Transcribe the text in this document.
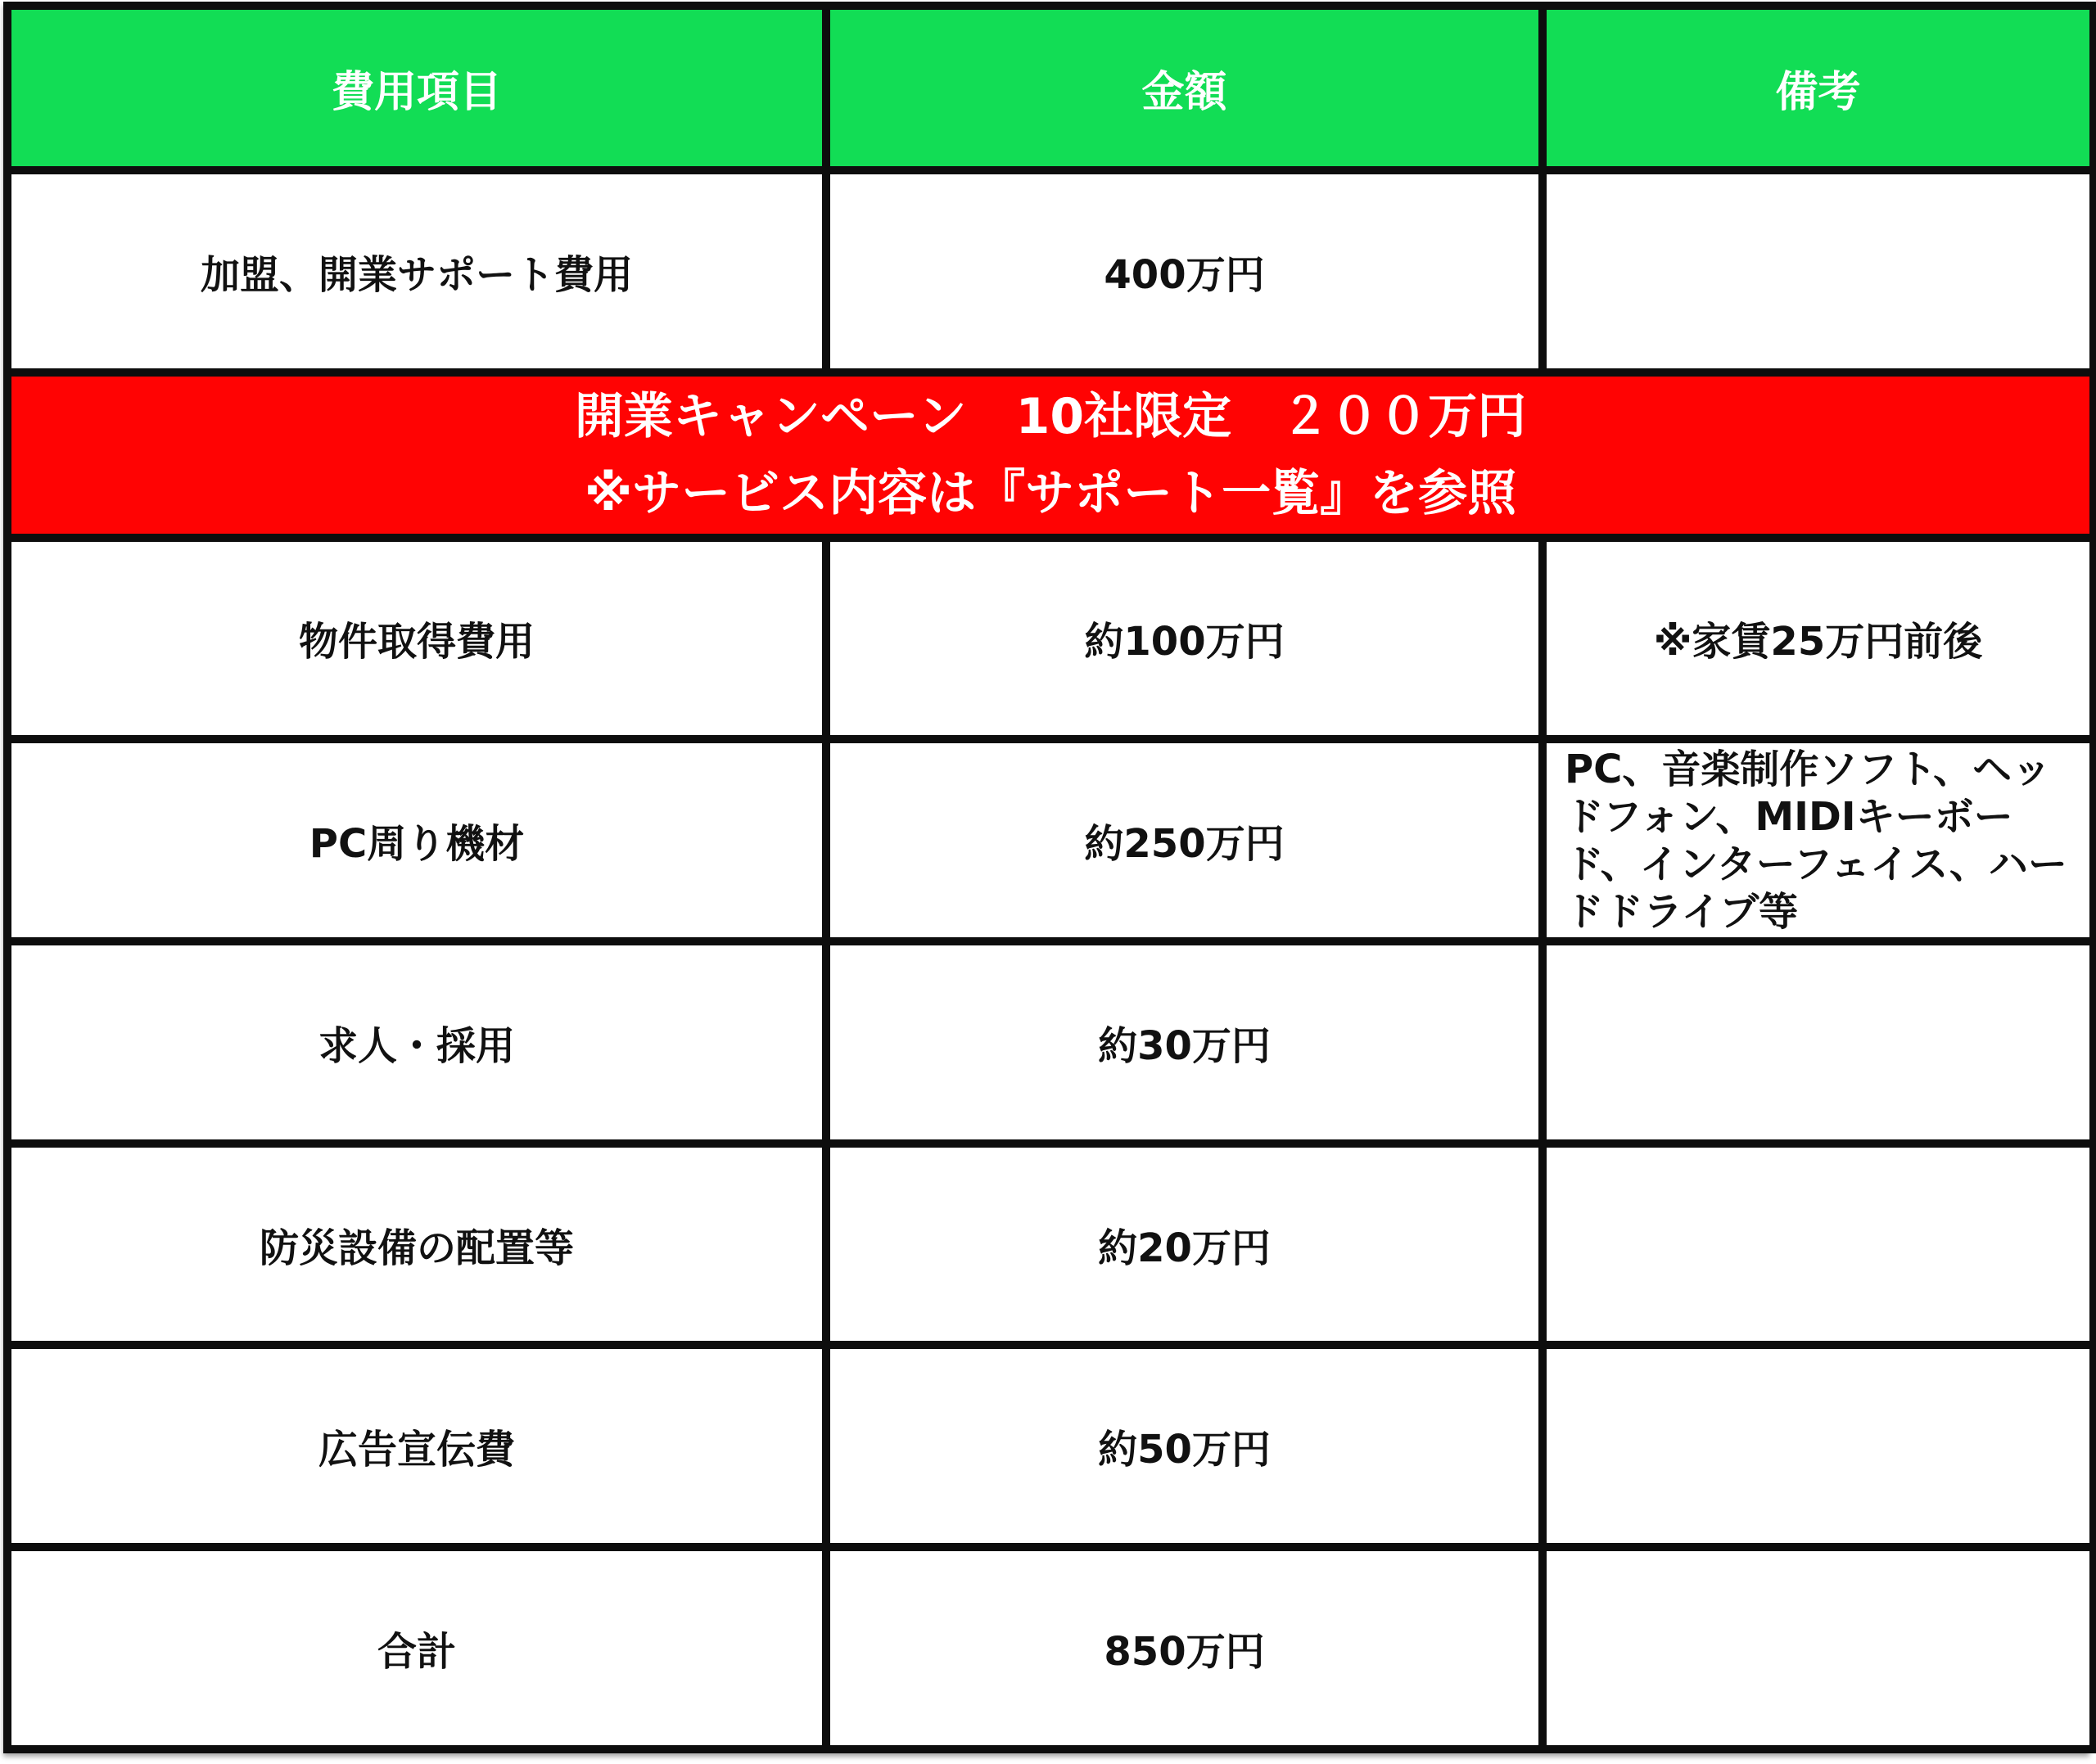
費用項目	金額	備考
加盟、開業サポート費用	400万円	

開業キャンペーン　10社限定　２００万円
※サービス内容は『サポート一覧』を参照		

物件取得費用	約100万円	※家賃25万円前後
PC周り機材	約250万円	PC、音楽制作ソフト、ヘッドフォン、MIDIキーボード、インターフェイス、ハードドライブ等
求人・採用	約30万円	
防災設備の配置等	約20万円	
広告宣伝費	約50万円	
合計	850万円	
